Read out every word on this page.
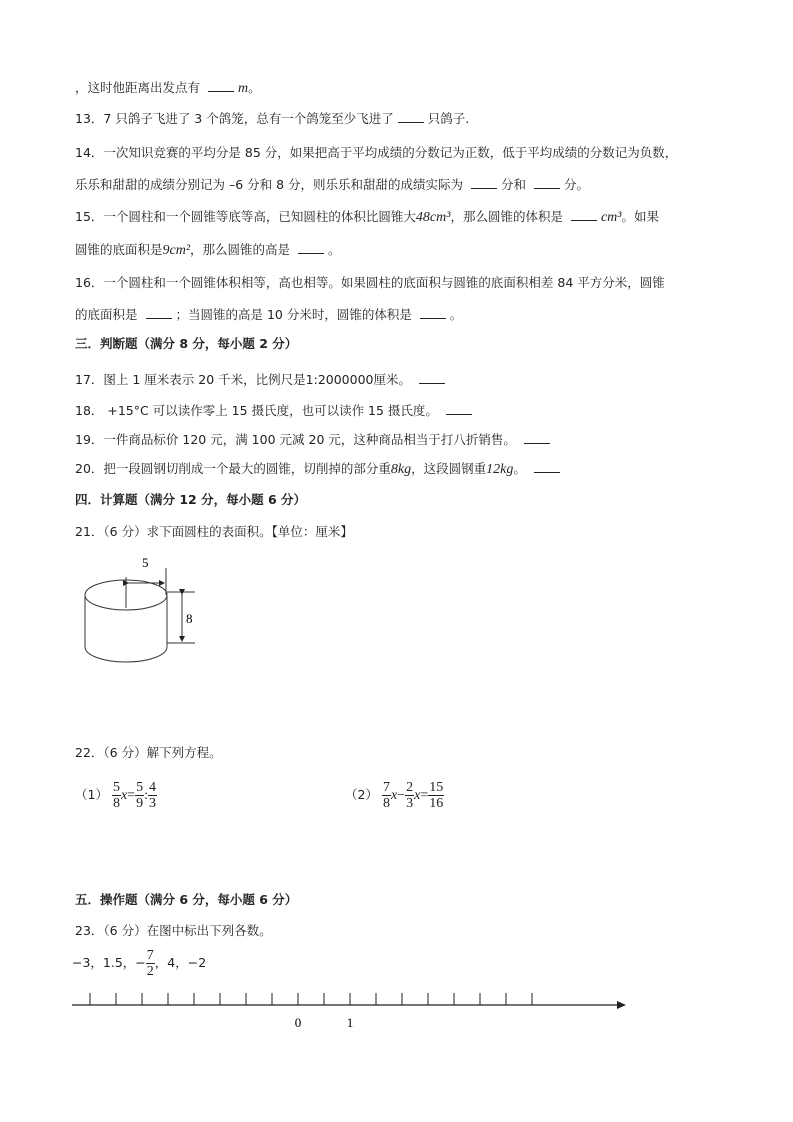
，这时他距离出发点有	m。
13．7 只鸽子飞进了 3 个鸽笼，总有一个鸽笼至少飞进了	只鸽子.
14．一次知识竞赛的平均分是 85 分，如果把高于平均成绩的分数记为正数，低于平均成绩的分数记为负数，
乐乐和甜甜的成绩分别记为 –6 分和 8 分，则乐乐和甜甜的成绩实际为	分和	分。
15．一个圆柱和一个圆锥等底等高，已知圆柱的体积比圆锥大48cm³，那么圆锥的体积是	cm³。如果
圆锥的底面积是9cm²，那么圆锥的高是	。
16．一个圆柱和一个圆锥体积相等，高也相等。如果圆柱的底面积与圆锥的底面积相差 84 平方分米，圆锥
的底面积是	；当圆锥的高是 10 分米时，圆锥的体积是	。
三．判断题（满分 8 分，每小题 2 分）
17．图上 1 厘米表示 20 千米，比例尺是1:2000000厘米。
18． +15°C 可以读作零上 15 摄氏度，也可以读作 15 摄氏度。
19．一件商品标价 120 元，满 100 元减 20 元，这种商品相当于打八折销售。
20．把一段圆钢切削成一个最大的圆锥，切削掉的部分重8kg，这段圆钢重12kg。
四．计算题（满分 12 分，每小题 6 分）
21．（6 分）求下面圆柱的表面积。【单位：厘米】
5
8
22．（6 分）解下列方程。
$(1) \frac{5}{8} x= \frac{5}{9}$ : $\frac{4}{3}$	$(2) \frac{7}{8} x- \frac{2}{3} x= \frac{15}{16}$
五．操作题（满分 6 分，每小题 6 分）
23．（6 分）在图中标出下列各数。
−3，1.5，− $\frac{7}{2}$ ，4，−2
0	1
